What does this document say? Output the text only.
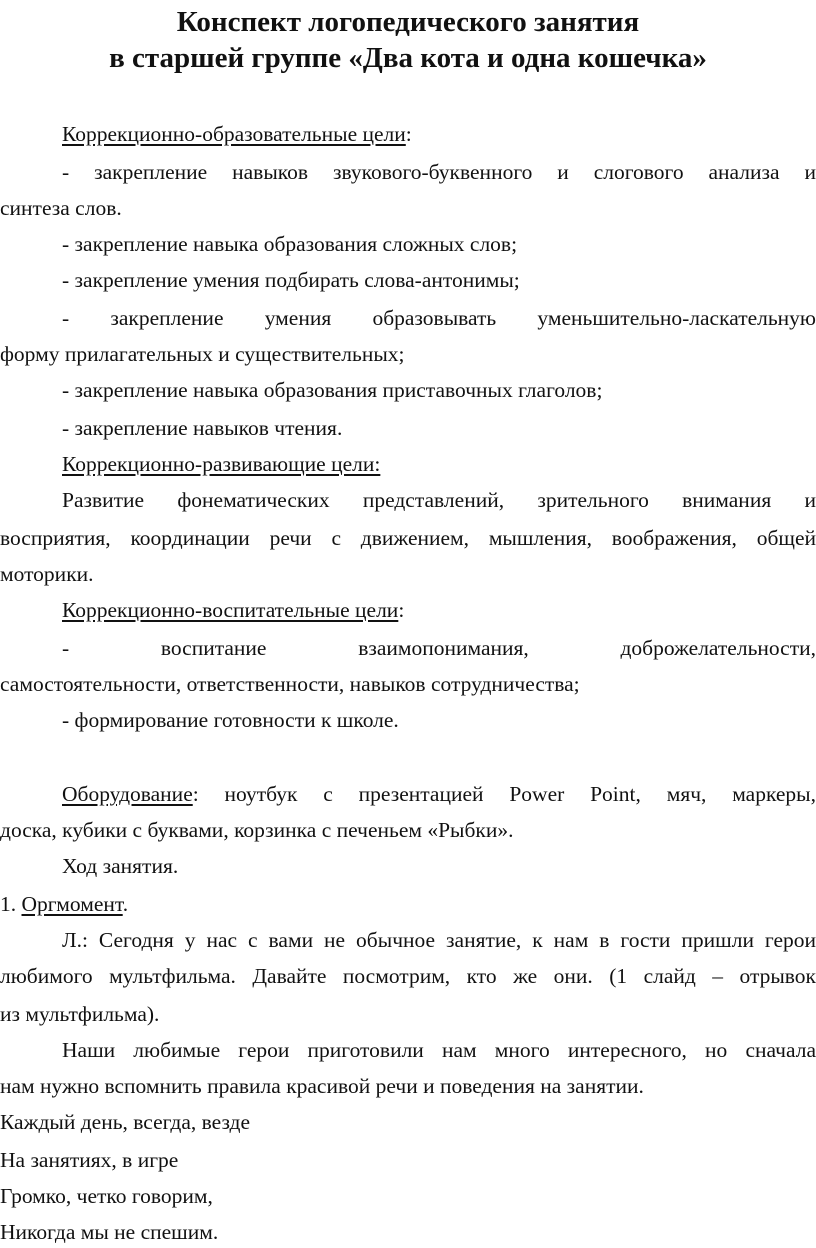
Конспект логопедического занятия
в старшей группе «Два кота и одна кошечка»
Коррекционно-образовательные цели:
- закрепление навыков звукового-буквенного и слогового анализа и
синтеза слов.
- закрепление навыка образования сложных слов;
- закрепление умения подбирать слова-антонимы;
- закрепление умения образовывать уменьшительно-ласкательную
форму прилагательных и существительных;
- закрепление навыка образования приставочных глаголов;
- закрепление навыков чтения.
Коррекционно-развивающие цели:
Развитие фонематических представлений, зрительного внимания и
восприятия, координации речи с движением, мышления, воображения, общей
моторики.
Коррекционно-воспитательные цели:
-	воспитание	взаимопонимания,	доброжелательности,
самостоятельности, ответственности, навыков сотрудничества;
- формирование готовности к школе.
Оборудование: ноутбук с презентацией Power Point, мяч, маркеры,
доска, кубики с буквами, корзинка с печеньем «Рыбки».
Ход занятия.
1. Оргмомент.
Л.: Сегодня у нас с вами не обычное занятие, к нам в гости пришли герои
любимого мультфильма. Давайте посмотрим, кто же они. (1 слайд – отрывок
из мультфильма).
Наши любимые герои приготовили нам много интересного, но сначала
нам нужно вспомнить правила красивой речи и поведения на занятии.
Каждый день, всегда, везде
На занятиях, в игре
Громко, четко говорим,
Никогда мы не спешим.
